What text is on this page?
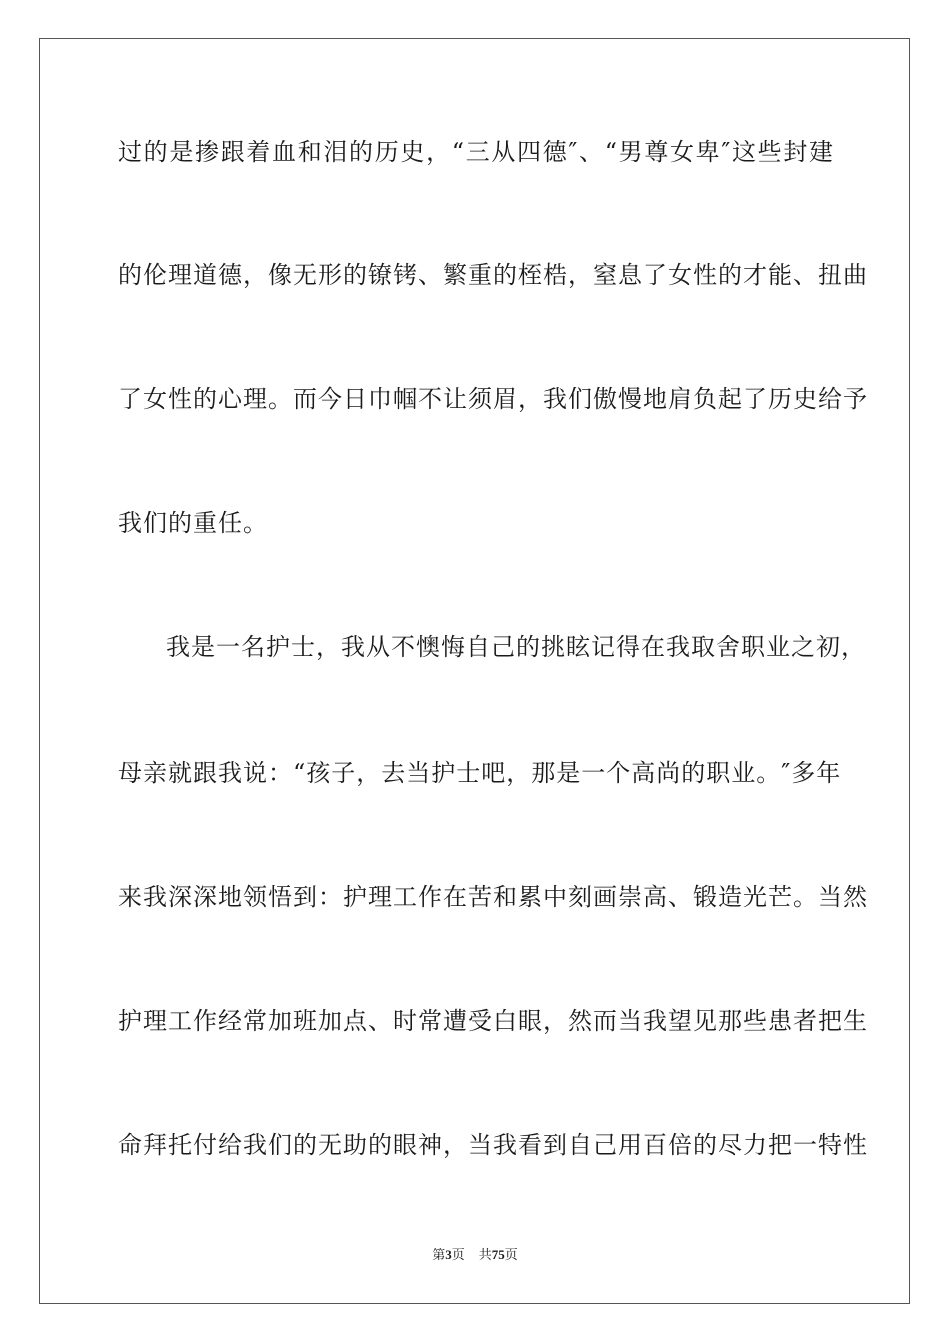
过的是掺跟着血和泪的历史，“三从四德″、“男尊女卑″这些封建
的伦理道德，像无形的镣铐、繁重的桎梏，窒息了女性的才能、扭曲
了女性的心理。而今日巾帼不让须眉，我们傲慢地肩负起了历史给予
我们的重任。
我是一名护士，我从不懊悔自己的挑眩记得在我取舍职业之初，
母亲就跟我说：“孩子，去当护士吧，那是一个高尚的职业。″多年
来我深深地领悟到：护理工作在苦和累中刻画崇高、锻造光芒。当然
护理工作经常加班加点、时常遭受白眼，然而当我望见那些患者把生
命拜托付给我们的无助的眼神，当我看到自己用百倍的尽力把一特性
第3页 共75页
